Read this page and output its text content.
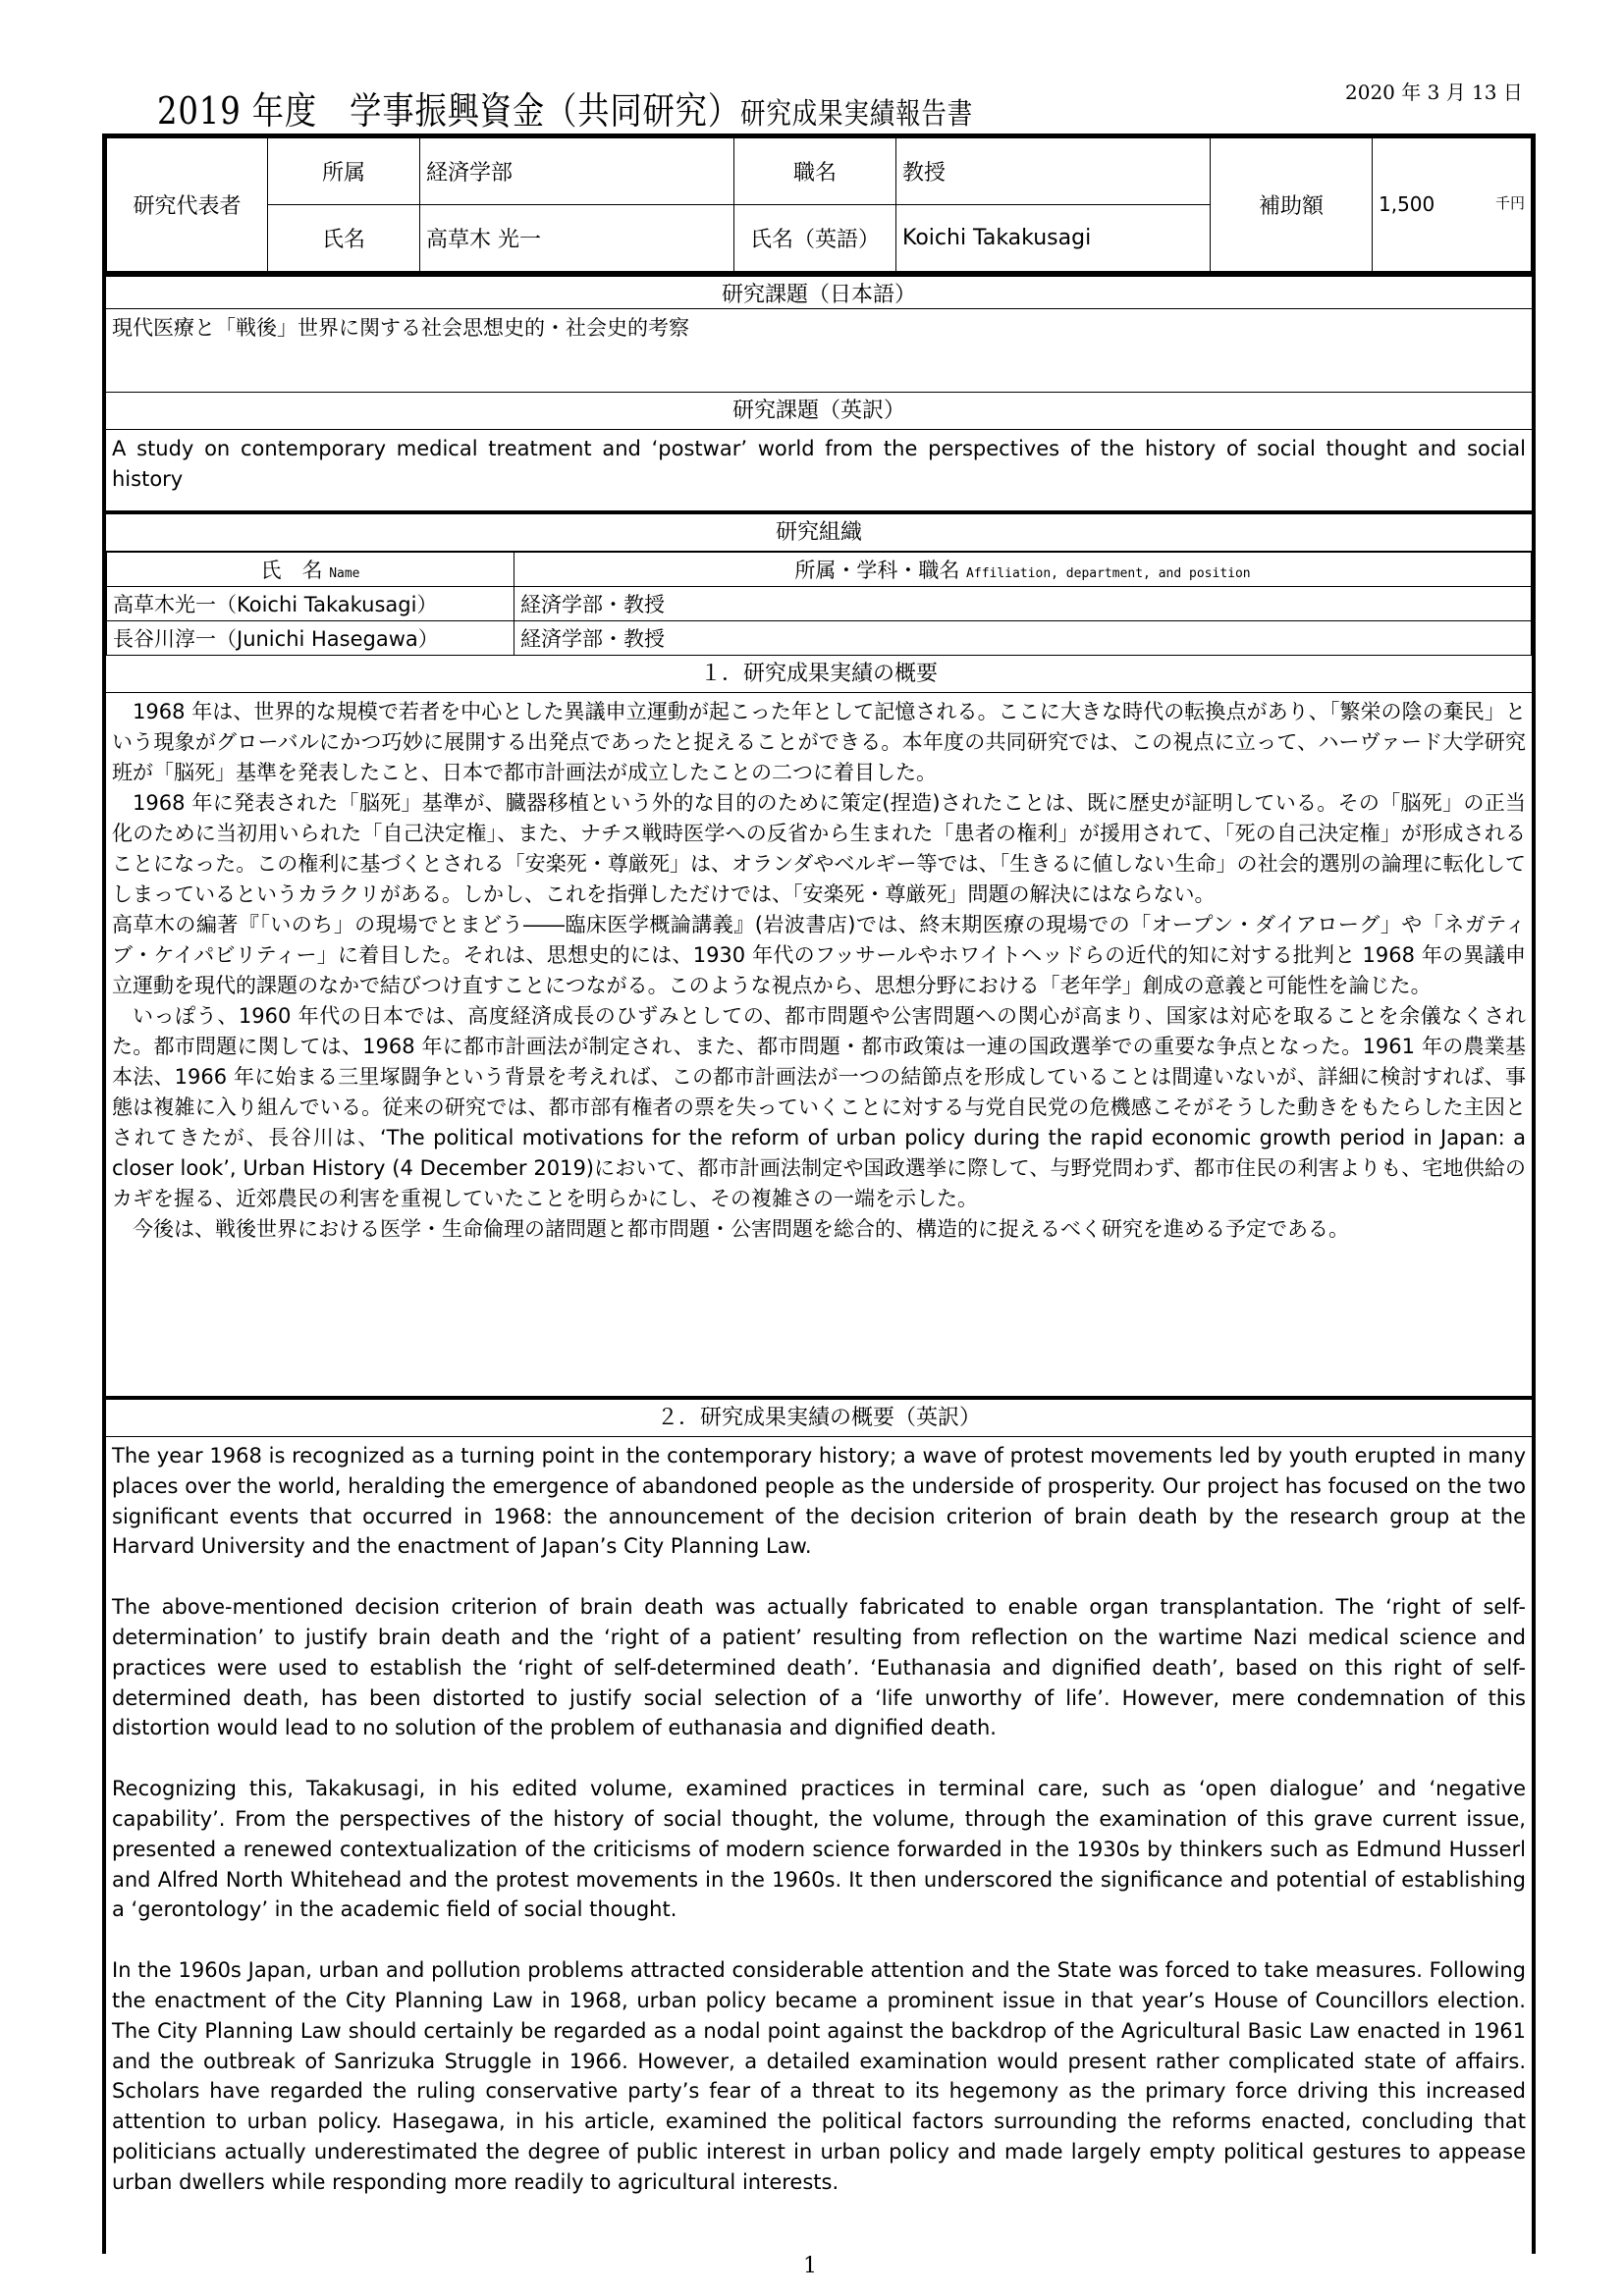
2019 年度　学事振興資金（共同研究）研究成果実績報告書
2020 年 3 月 13 日
研究代表者	所属	経済学部	職名	教授	補助額	1,500 千円

	氏名	高草木 光一	氏名（英語）	Koichi Takakusagi		
研究課題（日本語）
現代医療と「戦後」世界に関する社会思想史的・社会史的考察
研究課題（英訳）
A study on contemporary medical treatment and ‘postwar’ world from the perspectives of the history of social thought and social history
研究組織
氏　名 Name	所属・学科・職名 Affiliation, department, and position
高草木光一（Koichi Takakusagi）	経済学部・教授
長谷川淳一（Junichi Hasegawa）	経済学部・教授
１．研究成果実績の概要

1968 年は、世界的な規模で若者を中心とした異議申立運動が起こった年として記憶される。ここに大きな時代の転換点があり、「繁栄の陰の棄民」という現象がグローバルにかつ巧妙に展開する出発点であったと捉えることができる。本年度の共同研究では、この視点に立って、ハーヴァード大学研究班が「脳死」基準を発表したこと、日本で都市計画法が成立したことの二つに着目した。

1968 年に発表された「脳死」基準が、臓器移植という外的な目的のために策定(捏造)されたことは、既に歴史が証明している。その「脳死」の正当化のために当初用いられた「自己決定権」、また、ナチス戦時医学への反省から生まれた「患者の権利」が援用されて、「死の自己決定権」が形成されることになった。この権利に基づくとされる「安楽死・尊厳死」は、オランダやベルギー等では、「生きるに値しない生命」の社会的選別の論理に転化してしまっているというカラクリがある。しかし、これを指弾しただけでは、「安楽死・尊厳死」問題の解決にはならない。

高草木の編著『「いのち」の現場でとまどう――臨床医学概論講義』(岩波書店)では、終末期医療の現場での「オープン・ダイアローグ」や「ネガティブ・ケイパビリティー」に着目した。それは、思想史的には、1930 年代のフッサールやホワイトヘッドらの近代的知に対する批判と 1968 年の異議申立運動を現代的課題のなかで結びつけ直すことにつながる。このような視点から、思想分野における「老年学」創成の意義と可能性を論じた。

いっぽう、1960 年代の日本では、高度経済成長のひずみとしての、都市問題や公害問題への関心が高まり、国家は対応を取ることを余儀なくされた。都市問題に関しては、1968 年に都市計画法が制定され、また、都市問題・都市政策は一連の国政選挙での重要な争点となった。1961 年の農業基本法、1966 年に始まる三里塚闘争という背景を考えれば、この都市計画法が一つの結節点を形成していることは間違いないが、詳細に検討すれば、事態は複雑に入り組んでいる。従来の研究では、都市部有権者の票を失っていくことに対する与党自民党の危機感こそがそうした動きをもたらした主因とされてきたが、長谷川は、‘The political motivations for the reform of urban policy during the rapid economic growth period in Japan: a closer look’, Urban History (4 December 2019)において、都市計画法制定や国政選挙に際して、与野党問わず、都市住民の利害よりも、宅地供給のカギを握る、近郊農民の利害を重視していたことを明らかにし、その複雑さの一端を示した。

今後は、戦後世界における医学・生命倫理の諸問題と都市問題・公害問題を総合的、構造的に捉えるべく研究を進める予定である。

２．研究成果実績の概要（英訳）

The year 1968 is recognized as a turning point in the contemporary history; a wave of protest movements led by youth erupted in many places over the world, heralding the emergence of abandoned people as the underside of prosperity. Our project has focused on the two significant events that occurred in 1968: the announcement of the decision criterion of brain death by the research group at the Harvard University and the enactment of Japan’s City Planning Law.

The above-mentioned decision criterion of brain death was actually fabricated to enable organ transplantation. The ‘right of self-determination’ to justify brain death and the ‘right of a patient’ resulting from reflection on the wartime Nazi medical science and practices were used to establish the ‘right of self-determined death’. ‘Euthanasia and dignified death’, based on this right of self-determined death, has been distorted to justify social selection of a ‘life unworthy of life’. However, mere condemnation of this distortion would lead to no solution of the problem of euthanasia and dignified death.

Recognizing this, Takakusagi, in his edited volume, examined practices in terminal care, such as ‘open dialogue’ and ‘negative capability’. From the perspectives of the history of social thought, the volume, through the examination of this grave current issue, presented a renewed contextualization of the criticisms of modern science forwarded in the 1930s by thinkers such as Edmund Husserl and Alfred North Whitehead and the protest movements in the 1960s. It then underscored the significance and potential of establishing a ‘gerontology’ in the academic field of social thought.

In the 1960s Japan, urban and pollution problems attracted considerable attention and the State was forced to take measures. Following the enactment of the City Planning Law in 1968, urban policy became a prominent issue in that year’s House of Councillors election. The City Planning Law should certainly be regarded as a nodal point against the backdrop of the Agricultural Basic Law enacted in 1961 and the outbreak of Sanrizuka Struggle in 1966. However, a detailed examination would present rather complicated state of affairs. Scholars have regarded the ruling conservative party’s fear of a threat to its hegemony as the primary force driving this increased attention to urban policy. Hasegawa, in his article, examined the political factors surrounding the reforms enacted, concluding that politicians actually underestimated the degree of public interest in urban policy and made largely empty political gestures to appease urban dwellers while responding more readily to agricultural interests.

1
